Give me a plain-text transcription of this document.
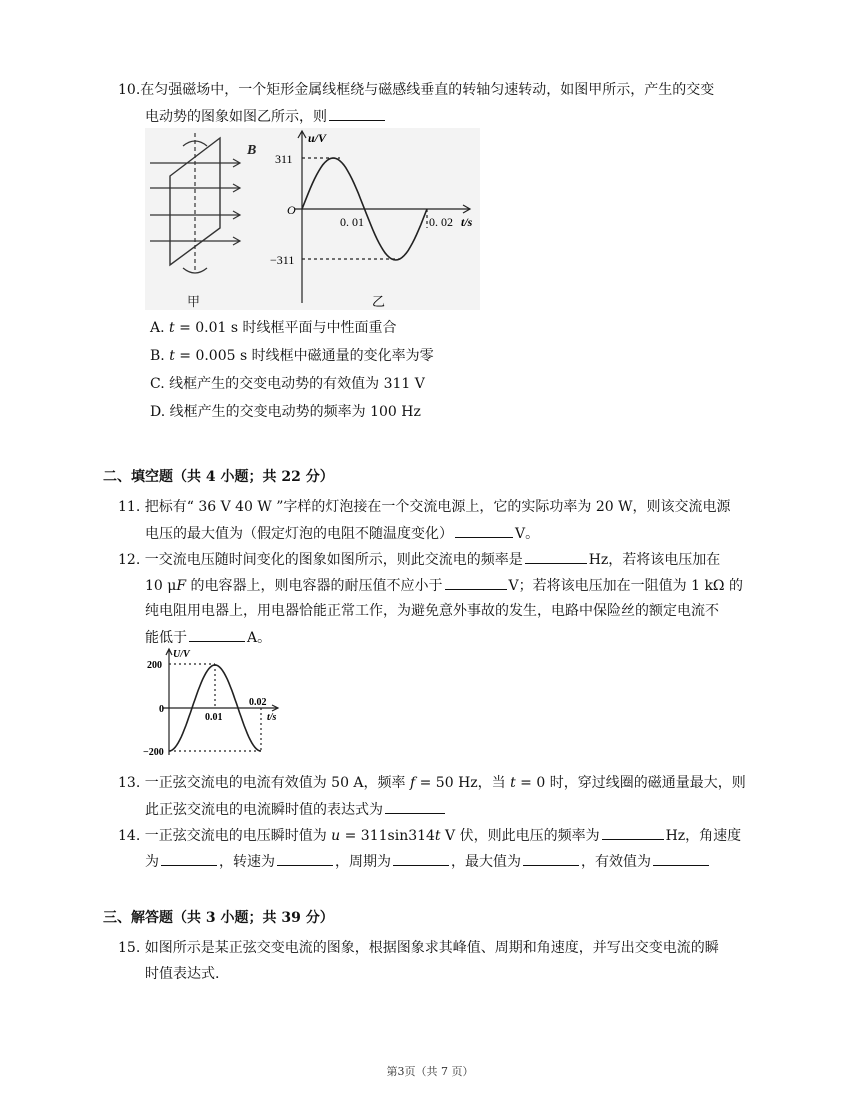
10.在匀强磁场中，一个矩形金属线框绕与磁感线垂直的转轴匀速转动，如图甲所示，产生的交变
电动势的图象如图乙所示，则
B
甲
u/V
311
O
0. 01	0. 02 t/s
−311
乙
A. 𝑡 = 0.01 s 时线框平面与中性面重合
B. 𝑡 = 0.005 s 时线框中磁通量的变化率为零
C. 线框产生的交变电动势的有效值为 311 V
D. 线框产生的交变电动势的频率为 100 Hz
二、填空题（共 4 小题；共 22 分）
11. 把标有“ 36 V 40 W ”字样的灯泡接在一个交流电源上，它的实际功率为 20 W，则该交流电源
电压的最大值为（假定灯泡的电阻不随温度变化）	V。
12. 一交流电压随时间变化的图象如图所示，则此交流电的频率是	Hz，若将该电压加在
10 μ𝐹 的电容器上，则电容器的耐压值不应小于	V；若将该电压加在一阻值为 1 kΩ 的
纯电阻用电器上，用电器恰能正常工作，为避免意外事故的发生，电路中保险丝的额定电流不
能低于	A。
U/V
200
0
0.01
0.02
t/s
−200
13. 一正弦交流电的电流有效值为 50 A，频率 𝑓 = 50 Hz，当 𝑡 = 0 时，穿过线圈的磁通量最大，则
此正弦交流电的电流瞬时值的表达式为
14. 一正弦交流电的电压瞬时值为 𝑢 = 311sin314𝑡 V 伏，则此电压的频率为	Hz，角速度
为	，转速为	，周期为	，最大值为	，有效值为
三、解答题（共 3 小题；共 39 分）
15. 如图所示是某正弦交变电流的图象，根据图象求其峰值、周期和角速度，并写出交变电流的瞬
时值表达式.
第3页（共 7 页）
